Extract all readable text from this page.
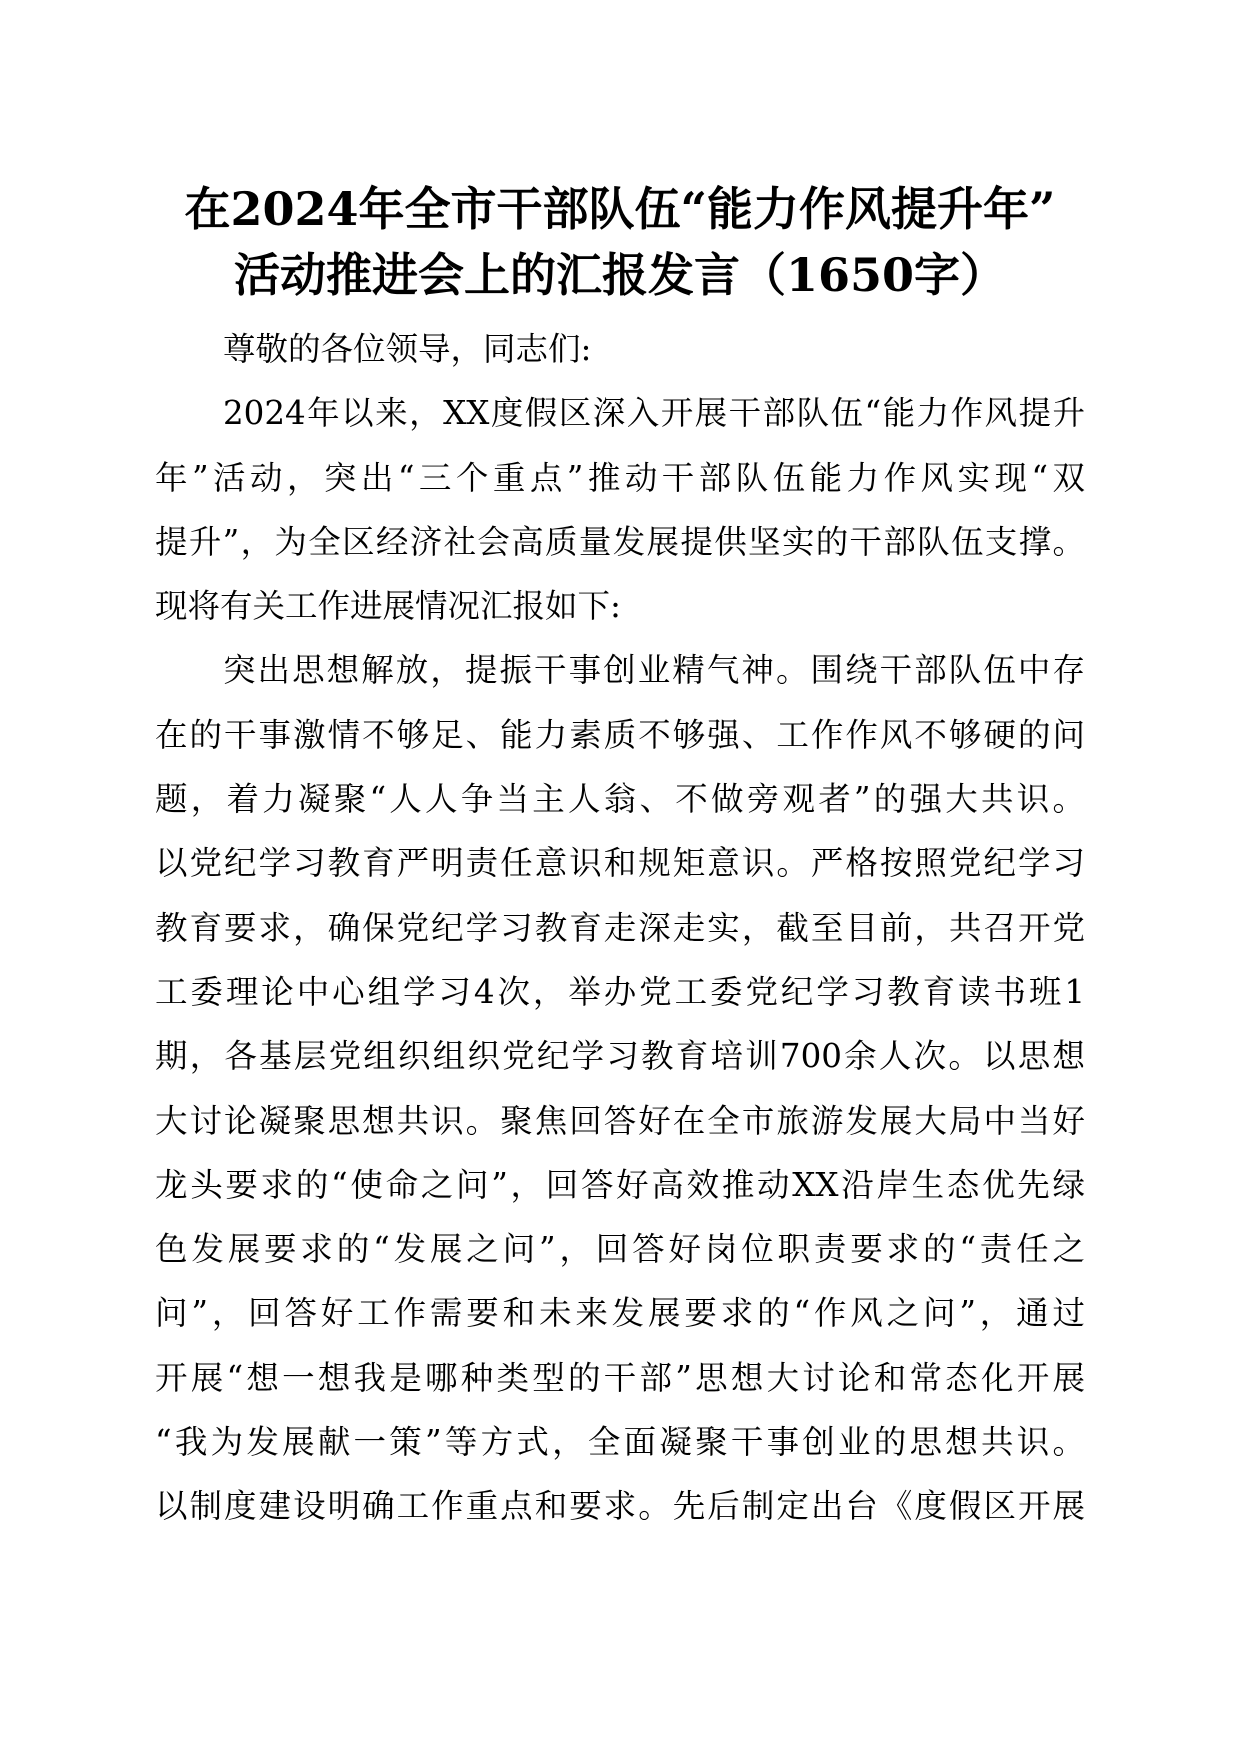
在2024年全市干部队伍“能力作风提升年”
活动推进会上的汇报发言（1650字）
尊敬的各位领导，同志们:
2024年以来，XX度假区深入开展干部队伍“能力作风提升
年”活动，突出“三个重点”推动干部队伍能力作风实现“双
提升”，为全区经济社会高质量发展提供坚实的干部队伍支撑。
现将有关工作进展情况汇报如下:
突出思想解放，提振干事创业精气神。围绕干部队伍中存
在的干事激情不够足、能力素质不够强、工作作风不够硬的问
题，着力凝聚“人人争当主人翁、不做旁观者”的强大共识。
以党纪学习教育严明责任意识和规矩意识。严格按照党纪学习
教育要求，确保党纪学习教育走深走实，截至目前，共召开党
工委理论中心组学习4次，举办党工委党纪学习教育读书班1
期，各基层党组织组织党纪学习教育培训700余人次。以思想
大讨论凝聚思想共识。聚焦回答好在全市旅游发展大局中当好
龙头要求的“使命之问”，回答好高效推动XX沿岸生态优先绿
色发展要求的“发展之问”，回答好岗位职责要求的“责任之
问”，回答好工作需要和未来发展要求的“作风之问”，通过
开展“想一想我是哪种类型的干部”思想大讨论和常态化开展
“我为发展献一策”等方式，全面凝聚干事创业的思想共识。
以制度建设明确工作重点和要求。先后制定出台《度假区开展
